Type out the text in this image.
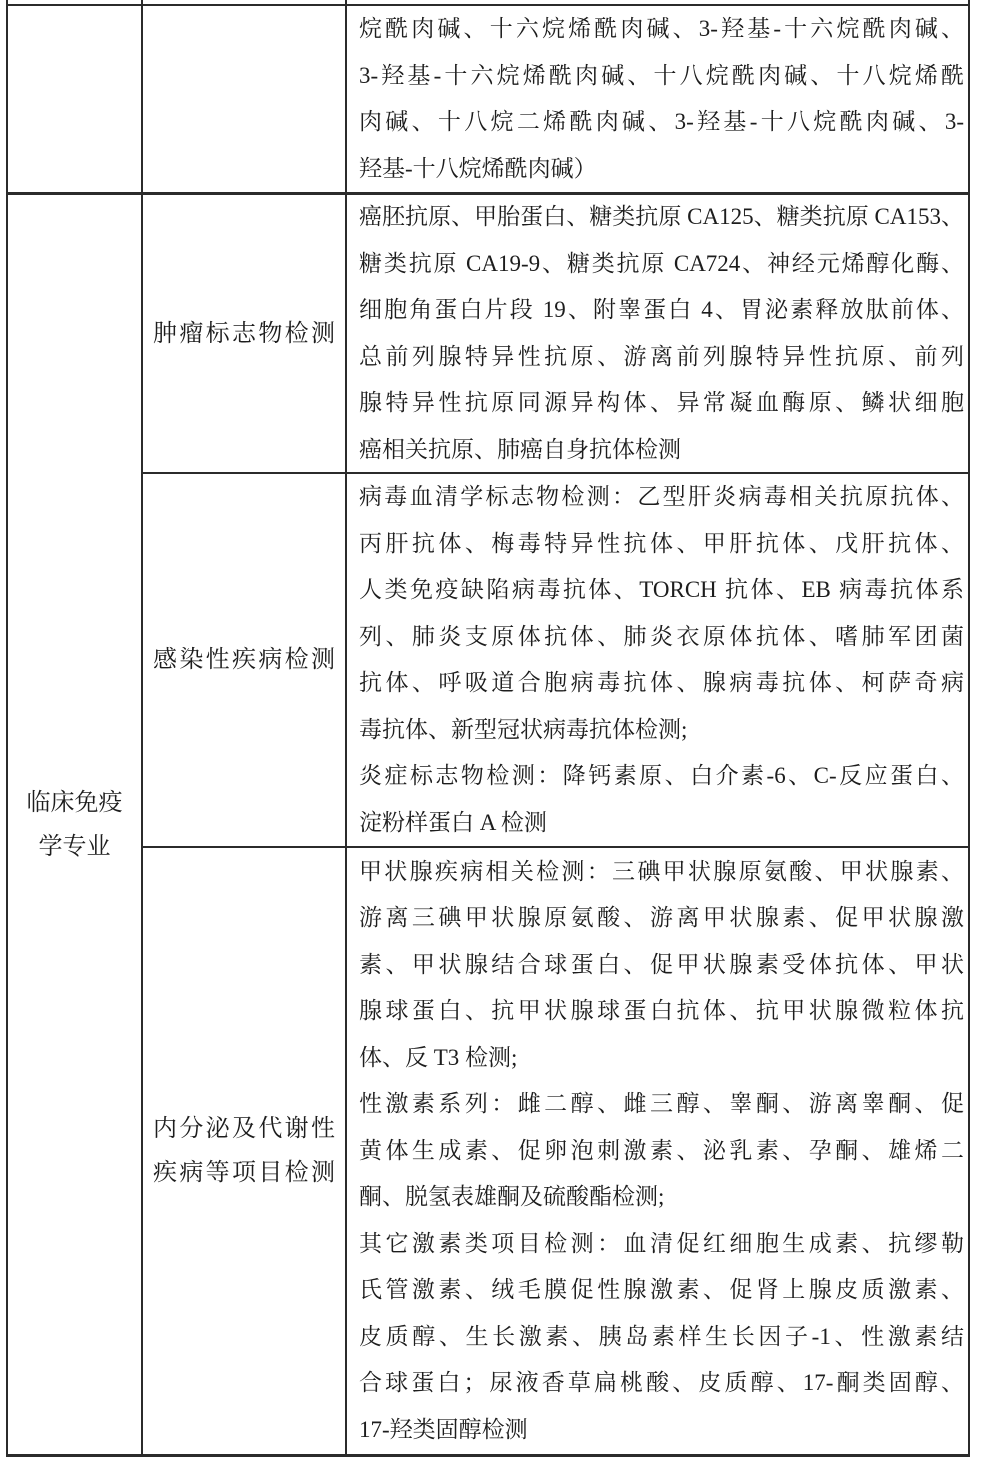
烷酰肉碱、十六烷烯酰肉碱、3-羟基-十六烷酰肉碱、
3-羟基-十六烷烯酰肉碱、十八烷酰肉碱、十八烷烯酰
肉碱、十八烷二烯酰肉碱、3-羟基-十八烷酰肉碱、3-
羟基-十八烷烯酰肉碱）
临床免疫
学专业
肿瘤标志物检测
癌胚抗原、甲胎蛋白、糖类抗原 CA125、糖类抗原 CA153、
糖类抗原 CA19-9、糖类抗原 CA724、神经元烯醇化酶、
细胞角蛋白片段 19、附睾蛋白 4、胃泌素释放肽前体、
总前列腺特异性抗原、游离前列腺特异性抗原、前列
腺特异性抗原同源异构体、异常凝血酶原、鳞状细胞
癌相关抗原、肺癌自身抗体检测
感染性疾病检测
病毒血清学标志物检测：乙型肝炎病毒相关抗原抗体、
丙肝抗体、梅毒特异性抗体、甲肝抗体、戊肝抗体、
人类免疫缺陷病毒抗体、TORCH 抗体、EB 病毒抗体系
列、肺炎支原体抗体、肺炎衣原体抗体、嗜肺军团菌
抗体、呼吸道合胞病毒抗体、腺病毒抗体、柯萨奇病
毒抗体、新型冠状病毒抗体检测;
炎症标志物检测：降钙素原、白介素-6、C-反应蛋白、
淀粉样蛋白 A 检测
内分泌及代谢性
疾病等项目检测
甲状腺疾病相关检测：三碘甲状腺原氨酸、甲状腺素、
游离三碘甲状腺原氨酸、游离甲状腺素、促甲状腺激
素、甲状腺结合球蛋白、促甲状腺素受体抗体、甲状
腺球蛋白、抗甲状腺球蛋白抗体、抗甲状腺微粒体抗
体、反 T3 检测;
性激素系列：雌二醇、雌三醇、睾酮、游离睾酮、促
黄体生成素、促卵泡刺激素、泌乳素、孕酮、雄烯二
酮、脱氢表雄酮及硫酸酯检测;
其它激素类项目检测：血清促红细胞生成素、抗缪勒
氏管激素、绒毛膜促性腺激素、促肾上腺皮质激素、
皮质醇、生长激素、胰岛素样生长因子-1、性激素结
合球蛋白；尿液香草扁桃酸、皮质醇、17-酮类固醇、
17-羟类固醇检测
